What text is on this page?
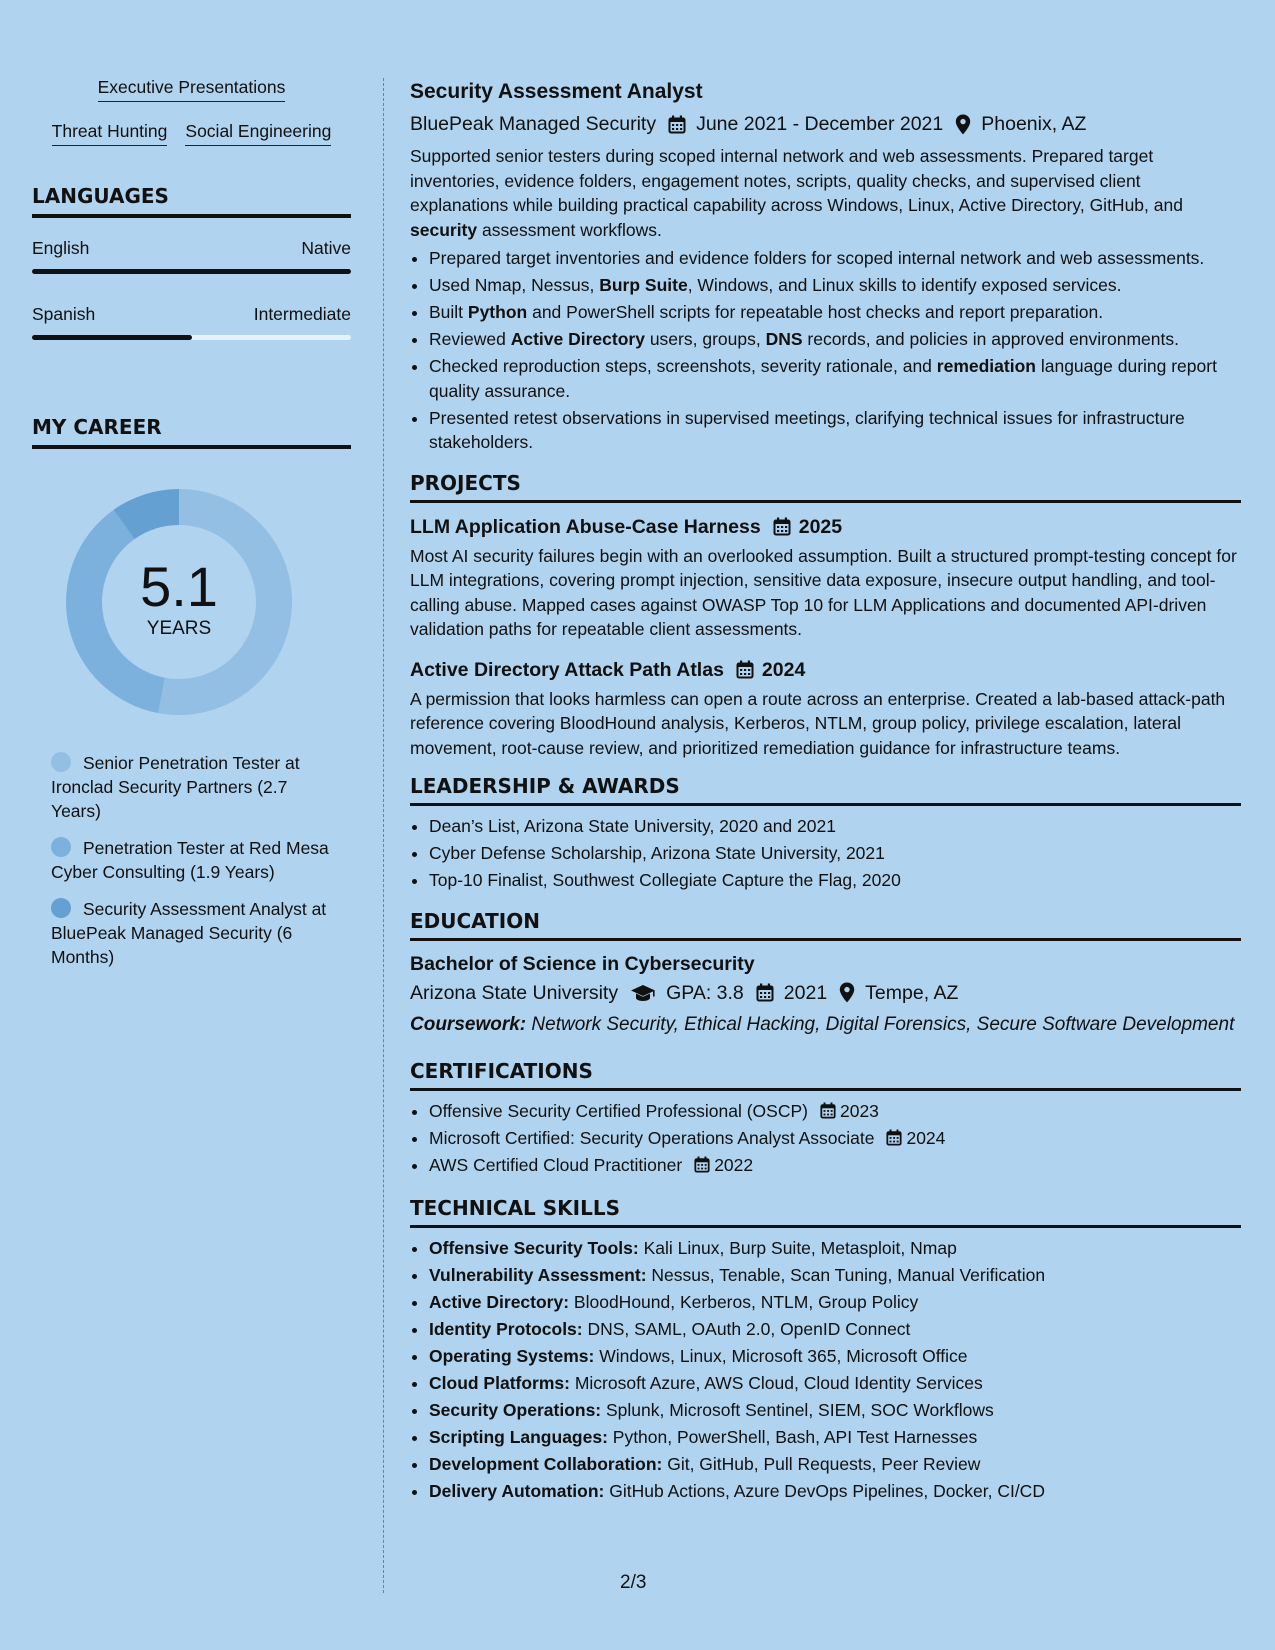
Executive Presentations
Threat Hunting Social Engineering
LANGUAGES
English	Native
Spanish	Intermediate
MY CAREER
5.1
YEARS
Senior Penetration Tester at Ironclad Security Partners (2.7 Years)
Penetration Tester at Red Mesa Cyber Consulting (1.9 Years)
Security Assessment Analyst at BluePeak Managed Security (6 Months)
Security Assessment Analyst
BluePeak Managed Security June 2021 - December 2021 Phoenix, AZ

Supported senior testers during scoped internal network and web assessments. Prepared target inventories, evidence folders, engagement notes, scripts, quality checks, and supervised client explanations while building practical capability across Windows, Linux, Active Directory, GitHub, and security assessment workflows.

• Prepared target inventories and evidence folders for scoped internal network and web assessments.
• Used Nmap, Nessus, Burp Suite, Windows, and Linux skills to identify exposed services.
• Built Python and PowerShell scripts for repeatable host checks and report preparation.
• Reviewed Active Directory users, groups, DNS records, and policies in approved environments.
• Checked reproduction steps, screenshots, severity rationale, and remediation language during report quality assurance.
• Presented retest observations in supervised meetings, clarifying technical issues for infrastructure stakeholders.
PROJECTS
LLM Application Abuse-Case Harness 2025

Most AI security failures begin with an overlooked assumption. Built a structured prompt-testing concept for LLM integrations, covering prompt injection, sensitive data exposure, insecure output handling, and tool-calling abuse. Mapped cases against OWASP Top 10 for LLM Applications and documented API-driven validation paths for repeatable client assessments.

Active Directory Attack Path Atlas 2024

A permission that looks harmless can open a route across an enterprise. Created a lab-based attack-path reference covering BloodHound analysis, Kerberos, NTLM, group policy, privilege escalation, lateral movement, root-cause review, and prioritized remediation guidance for infrastructure teams.

LEADERSHIP & AWARDS
• Dean’s List, Arizona State University, 2020 and 2021
• Cyber Defense Scholarship, Arizona State University, 2021
• Top-10 Finalist, Southwest Collegiate Capture the Flag, 2020
EDUCATION
Bachelor of Science in Cybersecurity
Arizona State University GPA: 3.8 2021 Tempe, AZ
Coursework: Network Security, Ethical Hacking, Digital Forensics, Secure Software Development
CERTIFICATIONS
• Offensive Security Certified Professional (OSCP) 2023
• Microsoft Certified: Security Operations Analyst Associate 2024
• AWS Certified Cloud Practitioner 2022
TECHNICAL SKILLS
• Offensive Security Tools: Kali Linux, Burp Suite, Metasploit, Nmap
• Vulnerability Assessment: Nessus, Tenable, Scan Tuning, Manual Verification
• Active Directory: BloodHound, Kerberos, NTLM, Group Policy
• Identity Protocols: DNS, SAML, OAuth 2.0, OpenID Connect
• Operating Systems: Windows, Linux, Microsoft 365, Microsoft Office
• Cloud Platforms: Microsoft Azure, AWS Cloud, Cloud Identity Services
• Security Operations: Splunk, Microsoft Sentinel, SIEM, SOC Workflows
• Scripting Languages: Python, PowerShell, Bash, API Test Harnesses
• Development Collaboration: Git, GitHub, Pull Requests, Peer Review
• Delivery Automation: GitHub Actions, Azure DevOps Pipelines, Docker, CI/CD
2/3
